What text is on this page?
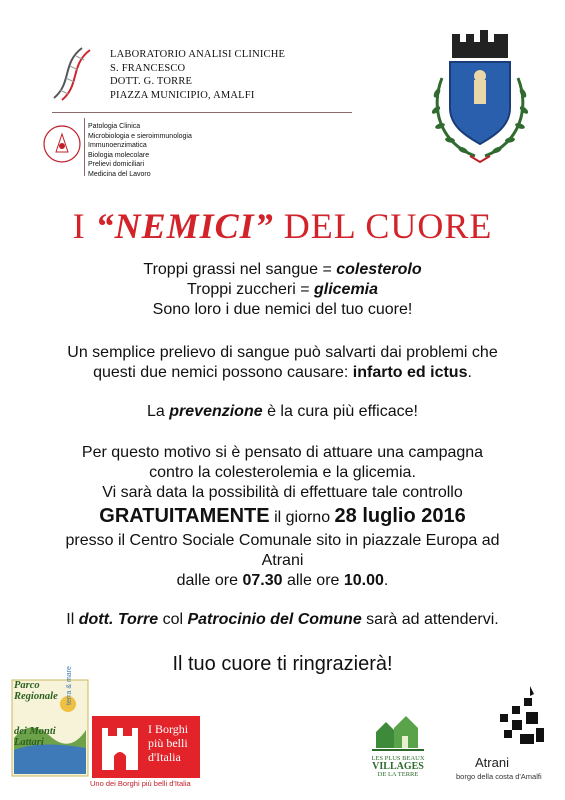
LABORATORIO ANALISI CLINICHE
S. FRANCESCO
DOTT. G. TORRE
PIAZZA MUNICIPIO, AMALFI
Patologia Clinica
Microbiologia e sieroimmunologia
Immunoenzimatica
Biologia molecolare
Prelievi domiciliari
Medicina del Lavoro
I “NEMICI” DEL CUORE
Troppi grassi nel sangue = colesterolo
Troppi zuccheri = glicemia
Sono loro i due nemici del tuo cuore!
Un semplice prelievo di sangue può salvarti dai problemi che
questi due nemici possono causare: infarto ed ictus.
La prevenzione è la cura più efficace!
Per questo motivo si è pensato di attuare una campagna
contro la colesterolemia e la glicemia.
Vi sarà data la possibilità di effettuare tale controllo
GRATUITAMENTE il giorno 28 luglio 2016
presso il Centro Sociale Comunale sito in piazzale Europa ad
Atrani
dalle ore 07.30 alle ore 10.00.
Il dott. Torre col Patrocinio del Comune sarà ad attendervi.
Il tuo cuore ti ringrazierà!
Parco
Regionale
dei Monti
Lattari
terra & mare
I Borghi
più belli
d'Italia
Uno dei Borghi più belli d'Italia
LES PLUS BEAUX
VILLAGES
DE LA TERRE
Atrani
borgo della costa d'Amalfi
